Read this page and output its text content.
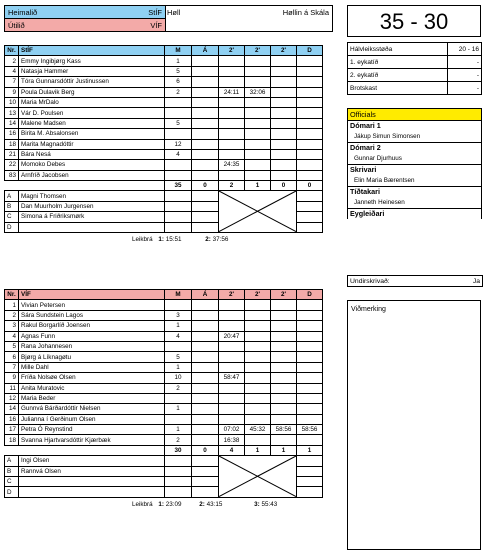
Heimalið	StÍF
Útilið	VÍF
Høll	Høllin á Skála
Nr.	StÍF	M	Á	2'	2'	2'	D
2	Emmy Ingibjørg Kass	1					
4	Natasja Hammer	5					
7	Tóra Gunnarsdóttir Justinussen	6					
9	Poula Dulavik Berg	2		24:11	32:06		
10	Maria MrDalo						
13	Vár D. Poulsen						
14	Malene Madsen	5					
16	Birita M. Absalonsen						
18	Marita Magnadóttir	12					
21	Bára Nesá	4					
22	Momoko Debes			24:35			
83	Arnfríð Jacobsen						
		35	0	2	1	0	0
A	Magni Thomsen			

B	Dan Muurholm Jurgensen						
C	Simona á Friðriksmørk						
D							
Leikbrá 1: 15:51	2: 37:56
Nr.	VÍF	M	Á	2'	2'	2'	D
1	Vivian Petersen						
2	Sára Sundstein Lagos	3					
3	Rakul Borgarlíð Joensen	1					
4	Agnas Funn	4		20:47			
5	Rana Johannesen						
6	Bjørg á Líknagøtu	5					
7	Mille Dahl	1					
9	Fríða Nolsøe Olsen	10		58:47			
11	Anita Muratovic	2					
12	Maria Beder						
14	Gunnvá Bárðardóttir Nielsen	1					
16	Julianna í Gerðinum Olsen						
17	Petra Ó Reynstind	1		07:02	45:32	58:56	58:56
18	Svanna Hjartvarsdóttir Kjærbæk	2		16:38			
		30	0	4	1	1	1
A	Ingi Olsen			

B	Rannvá Olsen						
C							
D							
Leikbrá 1: 23:09	2: 43:15	3: 55:43
35 - 30
Hálvleiksstøða	20 - 16
1. eykatíð	-
2. eykatíð	-
Brotskast	-
Officials
Dómari 1
Jákup Simun Simonsen
Dómari 2
Gunnar Djurhuus
Skrivari
Elin Maria Bærentsen
Tíðtakari
Janneth Heinesen
Eygleiðari
Undirskrivað:	Ja
Viðmerking
